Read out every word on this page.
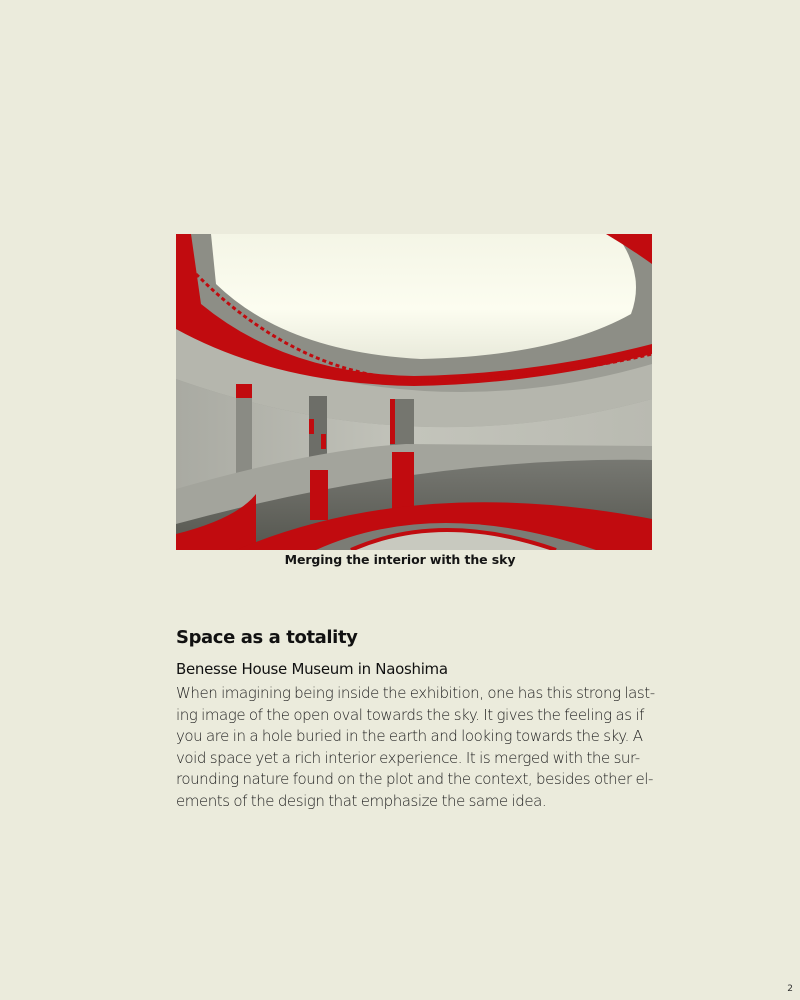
Merging the interior with the sky
Space as a totality
Benesse House Museum in Naoshima

When imagining being inside the exhibition, one has this strong last-
ing image of the open oval towards the sky. It gives the feeling as if
you are in a hole buried in the earth and looking towards the sky. A
void space yet a rich interior experience. It is merged with the sur-
rounding nature found on the plot and the context, besides other el-
ements of the design that emphasize the same idea.

2
